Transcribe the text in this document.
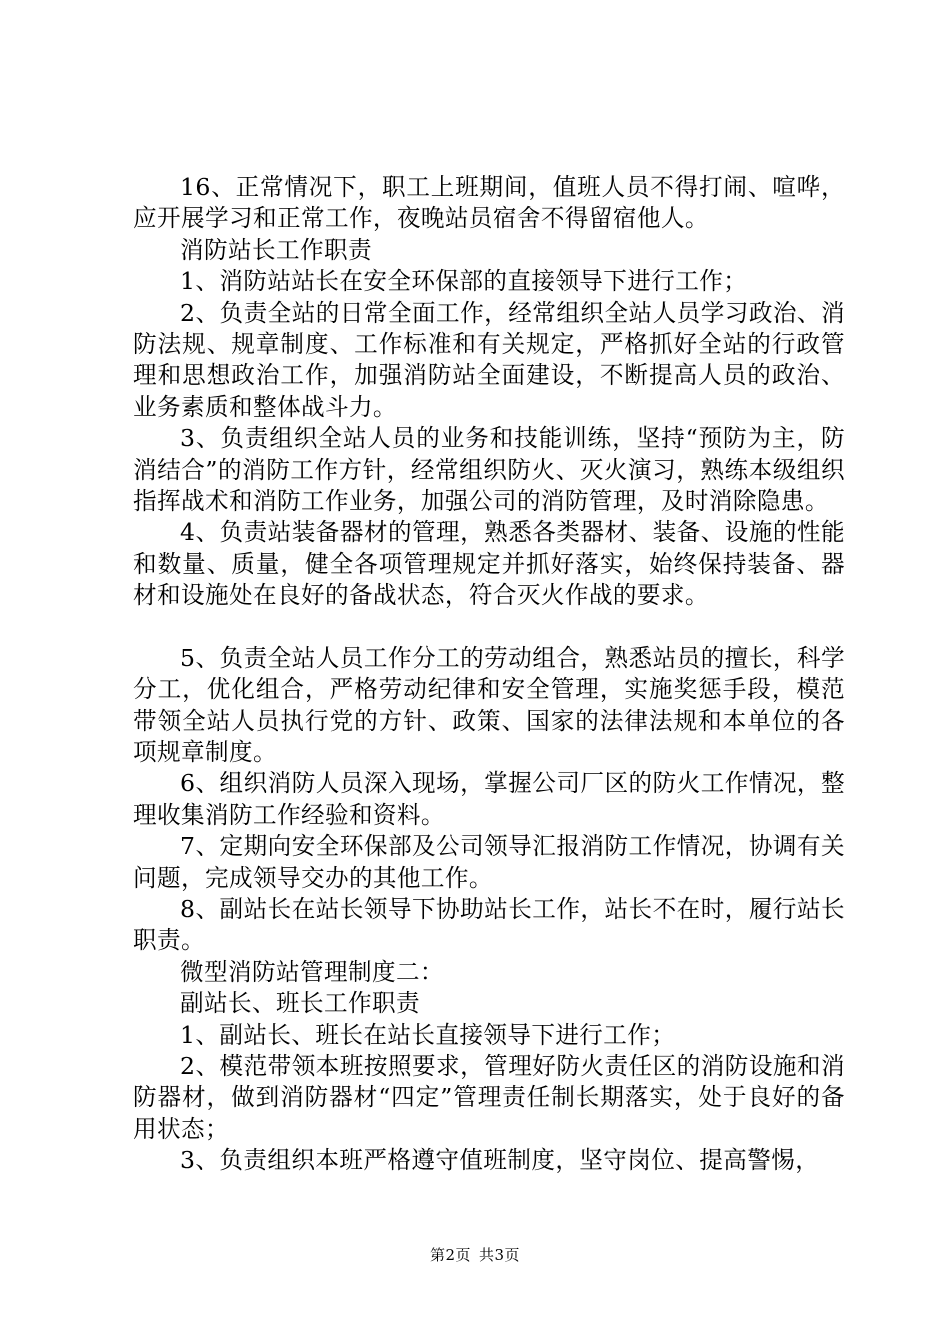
16、正常情况下，职工上班期间，值班人员不得打闹、喧哗，应开展学习和正常工作，夜晚站员宿舍不得留宿他人。

消防站长工作职责

1、消防站站长在安全环保部的直接领导下进行工作；

2、负责全站的日常全面工作，经常组织全站人员学习政治、消防法规、规章制度、工作标准和有关规定，严格抓好全站的行政管理和思想政治工作，加强消防站全面建设，不断提高人员的政治、业务素质和整体战斗力。

3、负责组织全站人员的业务和技能训练，坚持“预防为主，防消结合”的消防工作方针，经常组织防火、灭火演习，熟练本级组织指挥战术和消防工作业务，加强公司的消防管理，及时消除隐患。

4、负责站装备器材的管理，熟悉各类器材、装备、设施的性能和数量、质量，健全各项管理规定并抓好落实，始终保持装备、器材和设施处在良好的备战状态，符合灭火作战的要求。

5、负责全站人员工作分工的劳动组合，熟悉站员的擅长，科学分工，优化组合，严格劳动纪律和安全管理，实施奖惩手段，模范带领全站人员执行党的方针、政策、国家的法律法规和本单位的各项规章制度。

6、组织消防人员深入现场，掌握公司厂区的防火工作情况，整理收集消防工作经验和资料。

7、定期向安全环保部及公司领导汇报消防工作情况，协调有关问题，完成领导交办的其他工作。

8、副站长在站长领导下协助站长工作，站长不在时，履行站长职责。

微型消防站管理制度二：

副站长、班长工作职责

1、副站长、班长在站长直接领导下进行工作；

2、模范带领本班按照要求，管理好防火责任区的消防设施和消防器材，做到消防器材“四定”管理责任制长期落实，处于良好的备用状态；

3、负责组织本班严格遵守值班制度，坚守岗位、提高警惕，

第2页 共3页
